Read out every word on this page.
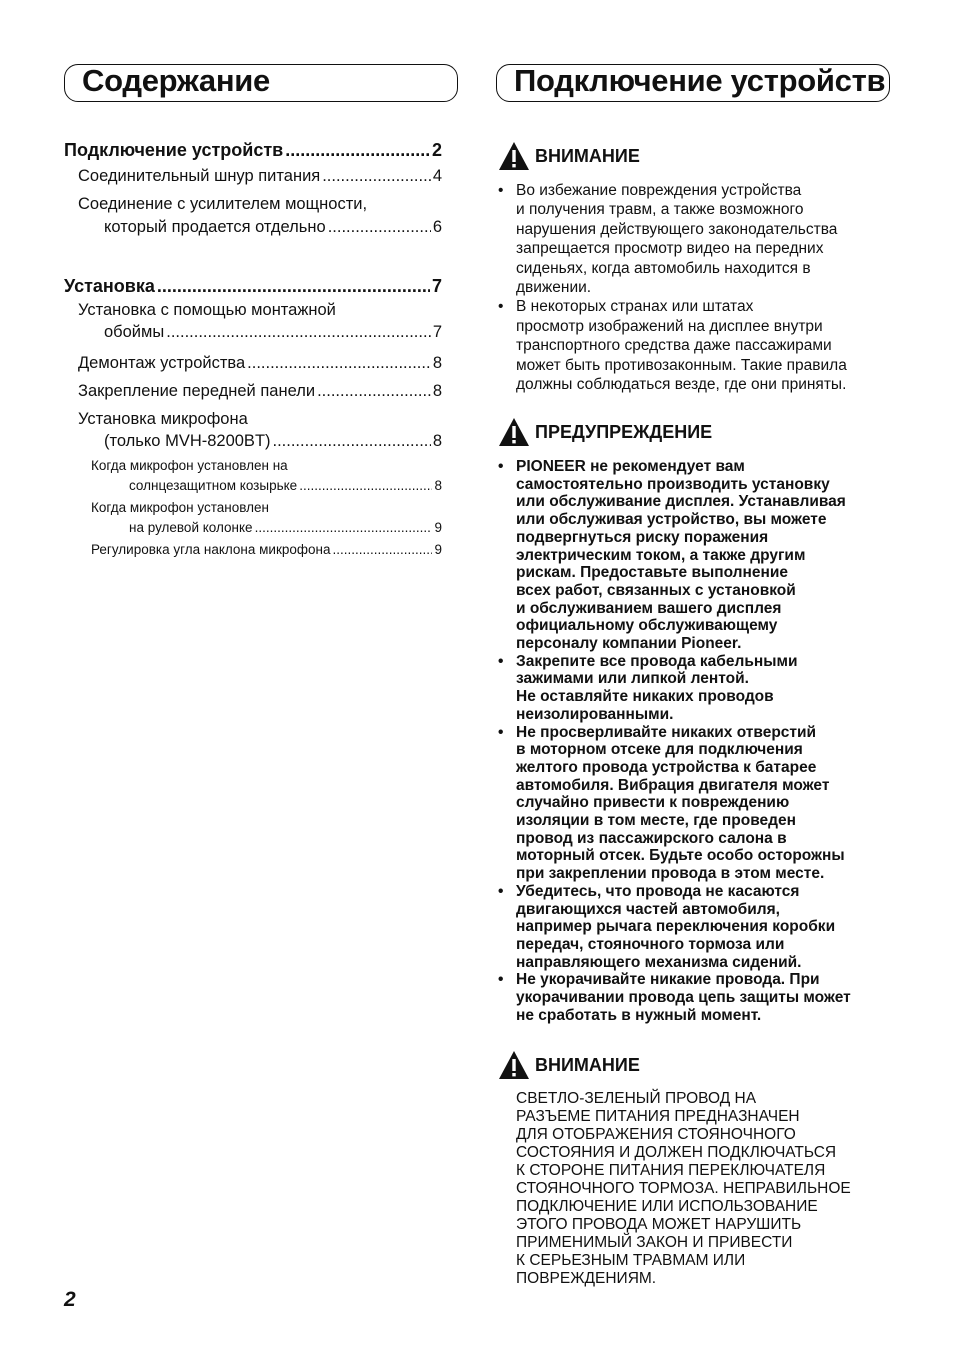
Содержание	Подключение устройств
Подключение устройств .....	2
Соединительный шнур питания .....	4
Соединение с усилителем мощности,
который продается отдельно .....	6
Установка .....	7
Установка с помощью монтажной
обоймы .....	7
Демонтаж устройства .....	8
Закрепление передней панели .....	8
Установка микрофона
(только MVH-8200BT) .....	8
Когда микрофон установлен на
солнцезащитном козырьке .....	8
Когда микрофон установлен
на рулевой колонке .....	9
Регулировка угла наклона микрофона .....	9
ВНИМАНИЕ
• Во избежание повреждения устройства
и получения травм, а также возможного
нарушения действующего законодательства
запрещается просмотр видео на передних
сиденьях, когда автомобиль находится в
движении.
• В некоторых странах или штатах
просмотр изображений на дисплее внутри
транспортного средства даже пассажирами
может быть противозаконным. Такие правила
должны соблюдаться везде, где они приняты.
ПРЕДУПРЕЖДЕНИЕ
• PIONEER не рекомендует вам
самостоятельно производить установку
или обслуживание дисплея. Устанавливая
или обслуживая устройство, вы можете
подвергнуться риску поражения
электрическим током, а также другим
рискам. Предоставьте выполнение
всех работ, связанных с установкой
и обслуживанием вашего дисплея
официальному обслуживающему
персоналу компании Pioneer.
• Закрепите все провода кабельными
зажимами или липкой лентой.
Не оставляйте никаких проводов
неизолированными.
• Не просверливайте никаких отверстий
в моторном отсеке для подключения
желтого провода устройства к батарее
автомобиля. Вибрация двигателя может
случайно привести к повреждению
изоляции в том месте, где проведен
провод из пассажирского салона в
моторный отсек. Будьте особо осторожны
при закреплении провода в этом месте.
• Убедитесь, что провода не касаются
двигающихся частей автомобиля,
например рычага переключения коробки
передач, стояночного тормоза или
направляющего механизма сидений.
• Не укорачивайте никакие провода. При
укорачивании провода цепь защиты может
не сработать в нужный момент.
ВНИМАНИЕ
СВЕТЛО-ЗЕЛЕНЫЙ ПРОВОД НА
РАЗЪЕМЕ ПИТАНИЯ ПРЕДНАЗНАЧЕН
ДЛЯ ОТОБРАЖЕНИЯ СТОЯНОЧНОГО
СОСТОЯНИЯ И ДОЛЖЕН ПОДКЛЮЧАТЬСЯ
К СТОРОНЕ ПИТАНИЯ ПЕРЕКЛЮЧАТЕЛЯ
СТОЯНОЧНОГО ТОРМОЗА. НЕПРАВИЛЬНОЕ
ПОДКЛЮЧЕНИЕ ИЛИ ИСПОЛЬЗОВАНИЕ
ЭТОГО ПРОВОДА МОЖЕТ НАРУШИТЬ
ПРИМЕНИМЫЙ ЗАКОН И ПРИВЕСТИ
К СЕРЬЕЗНЫМ ТРАВМАМ ИЛИ
ПОВРЕЖДЕНИЯМ.
2
